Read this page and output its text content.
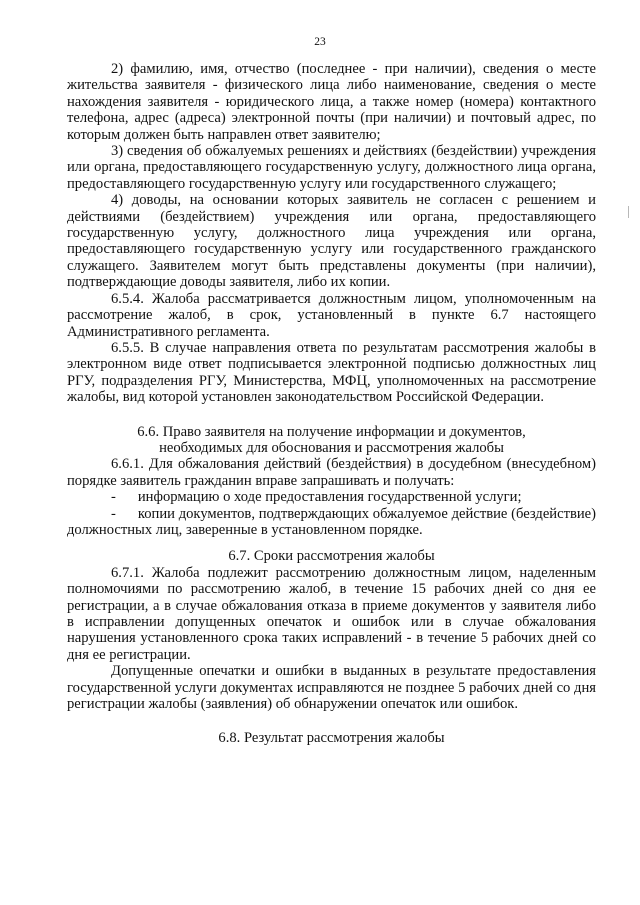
23

2) фамилию, имя, отчество (последнее - при наличии), сведения о месте жительства заявителя - физического лица либо наименование, сведения о месте нахождения заявителя - юридического лица, а также номер (номера) контактного телефона, адрес (адреса) электронной почты (при наличии) и почтовый адрес, по которым должен быть направлен ответ заявителю;

3) сведения об обжалуемых решениях и действиях (бездействии) учреждения или органа, предоставляющего государственную услугу, должностного лица органа, предоставляющего государственную услугу или государственного служащего;

4) доводы, на основании которых заявитель не согласен с решением и действиями (бездействием) учреждения или органа, предоставляющего государственную услугу, должностного лица учреждения или органа, предоставляющего государственную услугу или государственного гражданского служащего. Заявителем могут быть представлены документы (при наличии), подтверждающие доводы заявителя, либо их копии.

6.5.4. Жалоба рассматривается должностным лицом, уполномоченным на рассмотрение жалоб, в срок, установленный в пункте 6.7 настоящего Административного регламента.

6.5.5. В случае направления ответа по результатам рассмотрения жалобы в электронном виде ответ подписывается электронной подписью должностных лиц РГУ, подразделения РГУ, Министерства, МФЦ, уполномоченных на рассмотрение жалобы, вид которой установлен законодательством Российской Федерации.

6.6. Право заявителя на получение информации и документов,

необходимых для обоснования и рассмотрения жалобы

6.6.1. Для обжалования действий (бездействия) в досудебном (внесудебном) порядке заявитель гражданин вправе запрашивать и получать:

- информацию о ходе предоставления государственной услуги;

- копии документов, подтверждающих обжалуемое действие (бездействие) должностных лиц, заверенные в установленном порядке.

6.7. Сроки рассмотрения жалобы

6.7.1. Жалоба подлежит рассмотрению должностным лицом, наделенным полномочиями по рассмотрению жалоб, в течение 15 рабочих дней со дня ее регистрации, а в случае обжалования отказа в приеме документов у заявителя либо в исправлении допущенных опечаток и ошибок или в случае обжалования нарушения установленного срока таких исправлений - в течение 5 рабочих дней со дня ее регистрации.

Допущенные опечатки и ошибки в выданных в результате предоставления государственной услуги документах исправляются не позднее 5 рабочих дней со дня регистрации жалобы (заявления) об обнаружении опечаток или ошибок.

6.8. Результат рассмотрения жалобы
